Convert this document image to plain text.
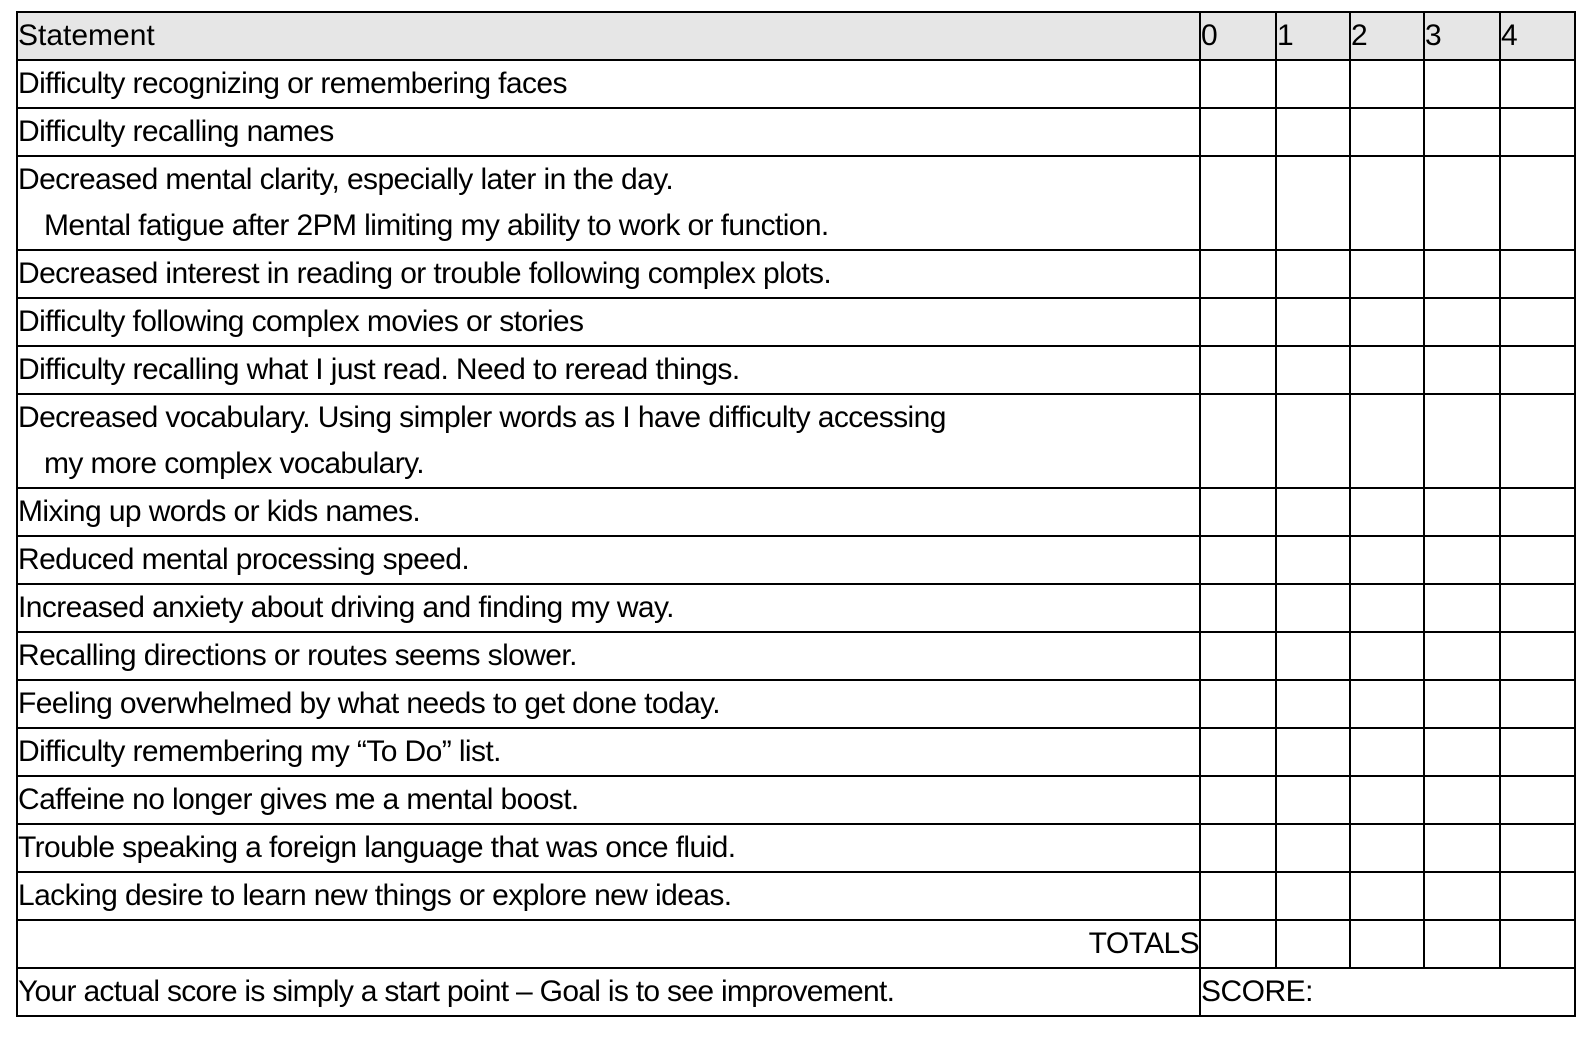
Statement	0	1	2	3	4
Difficulty recognizing or remembering faces					
Difficulty recalling names					
Decreased mental clarity, especially later in the day.
Mental fatigue after 2PM limiting my ability to work or function.					

Decreased interest in reading or trouble following complex plots.					
Difficulty following complex movies or stories					
Difficulty recalling what I just read. Need to reread things.					
Decreased vocabulary. Using simpler words as I have difficulty accessing
my more complex vocabulary.					

Mixing up words or kids names.					
Reduced mental processing speed.					
Increased anxiety about driving and finding my way.					
Recalling directions or routes seems slower.					
Feeling overwhelmed by what needs to get done today.					
Difficulty remembering my “To Do” list.					
Caffeine no longer gives me a mental boost.					
Trouble speaking a foreign language that was once fluid.					
Lacking desire to learn new things or explore new ideas.					
TOTALS					
Your actual score is simply a start point – Goal is to see improvement.	SCORE:				
